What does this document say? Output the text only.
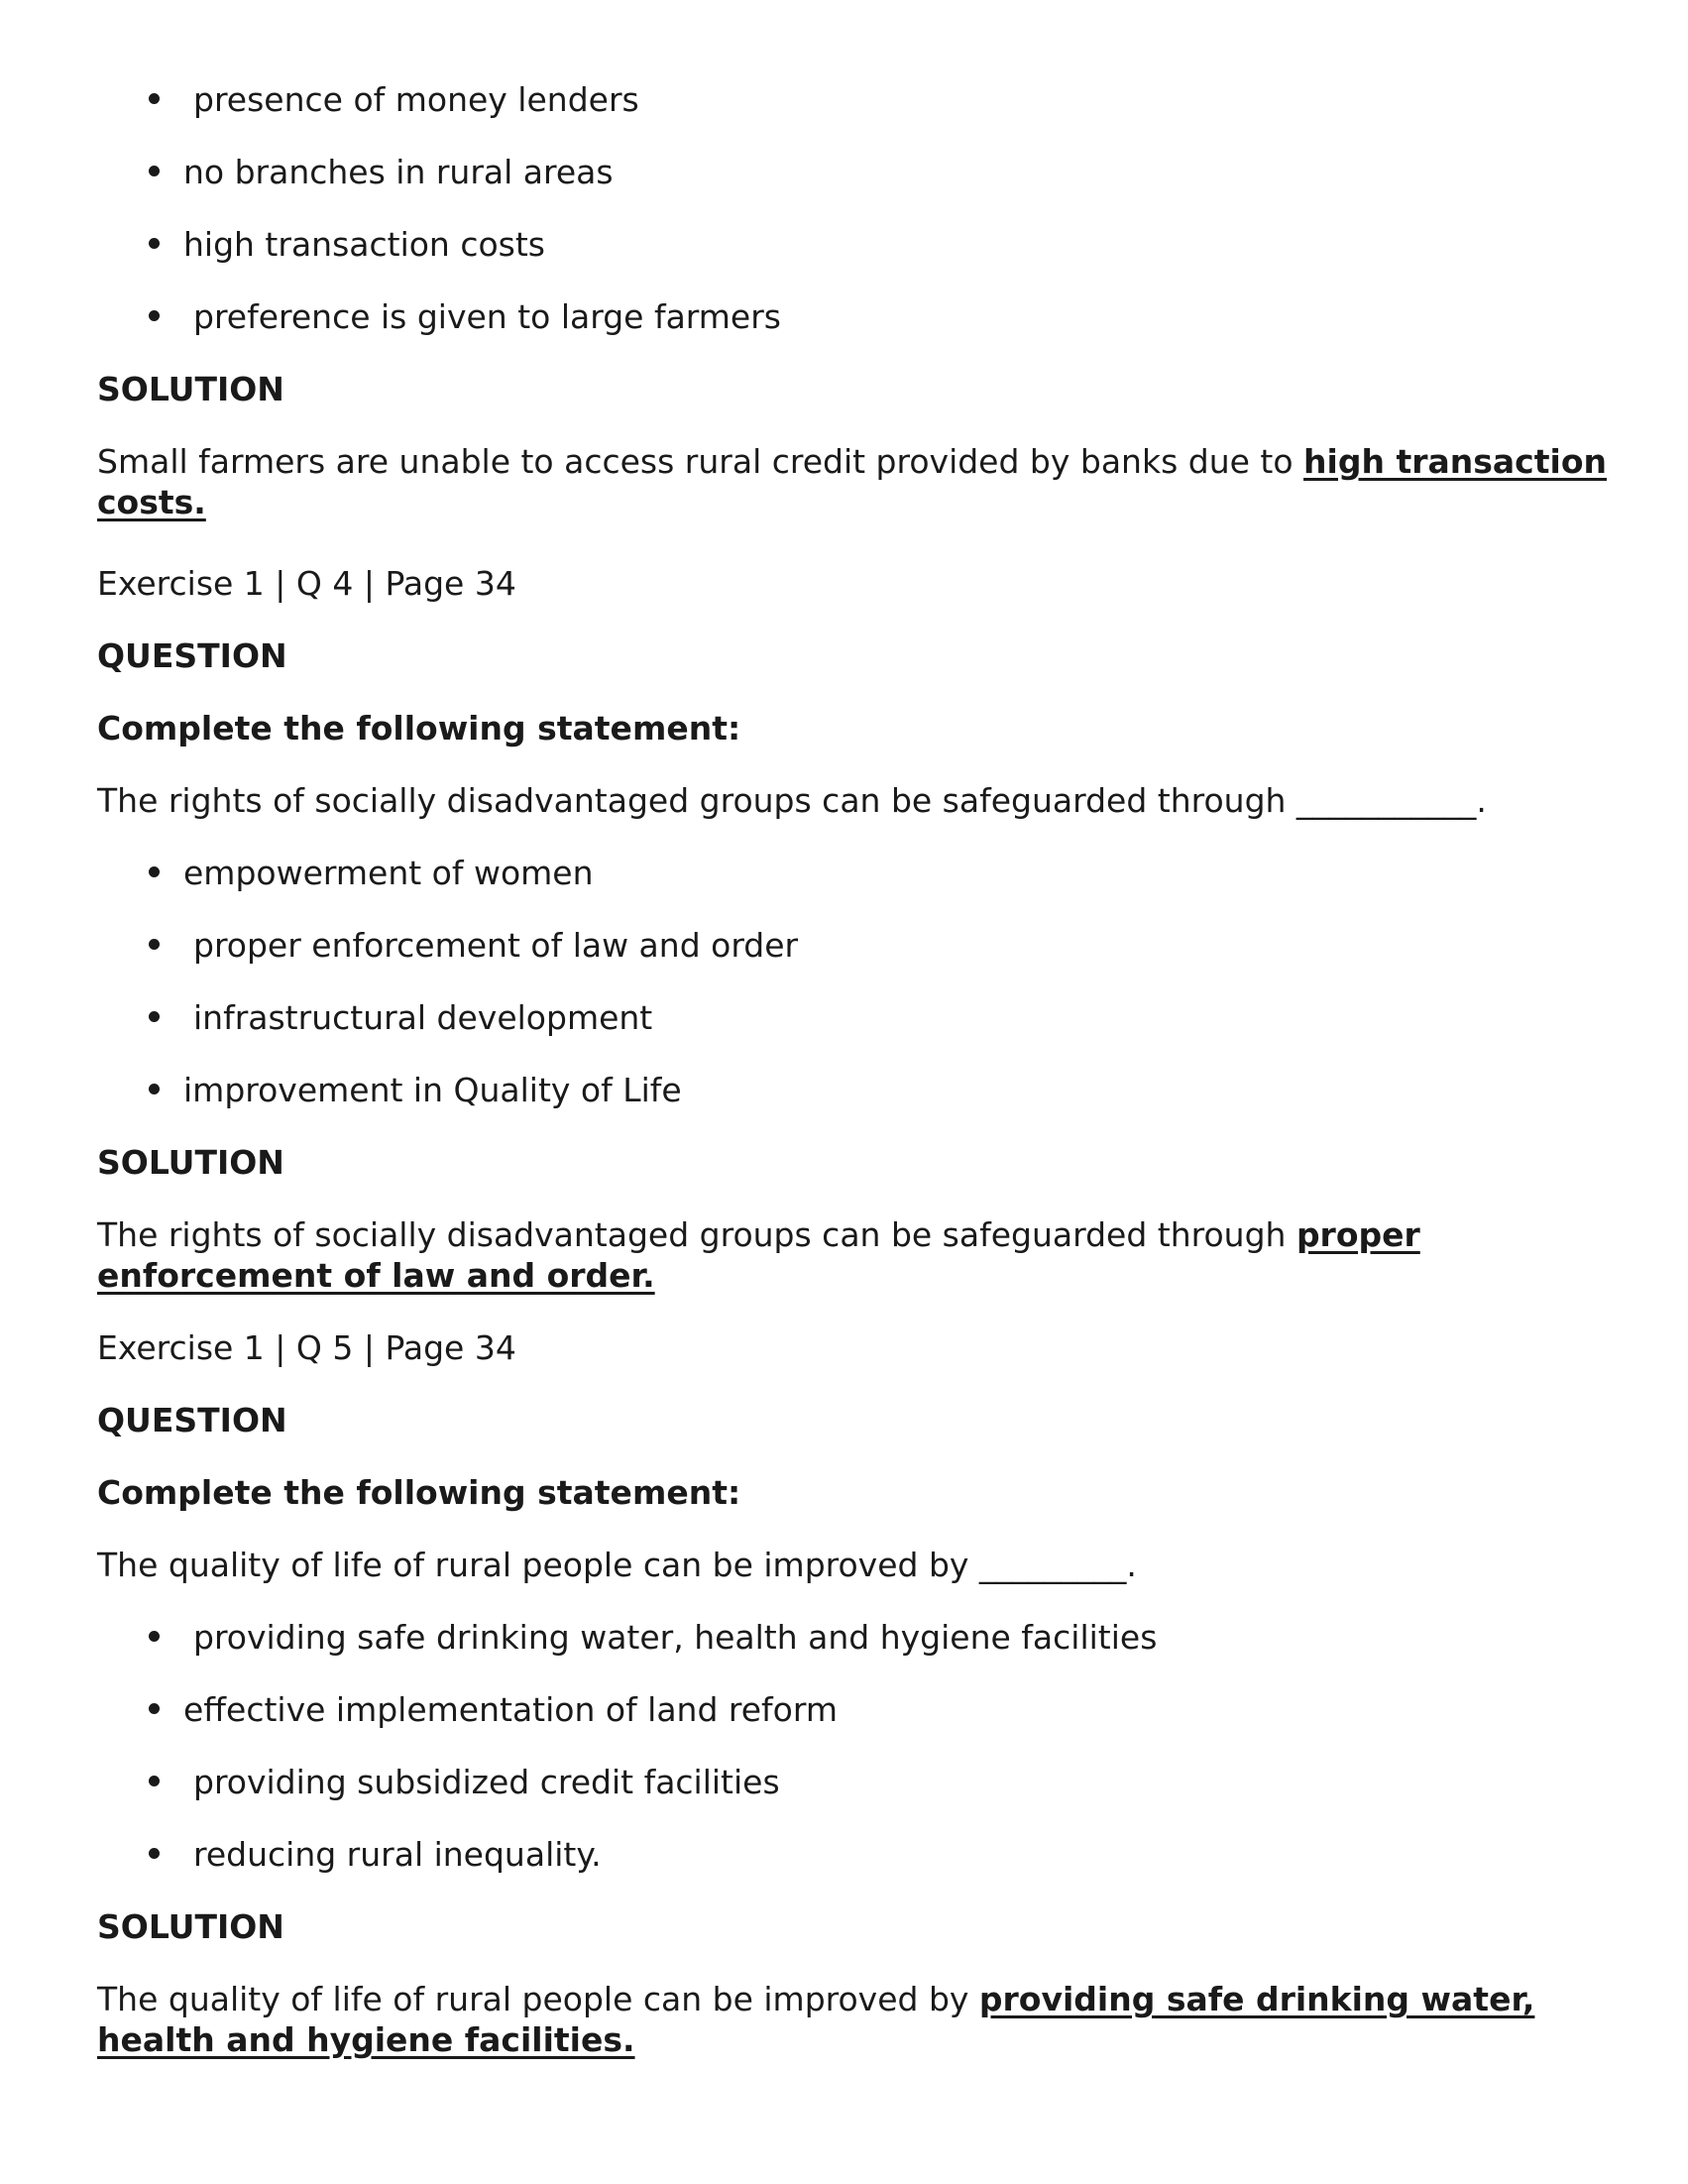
presence of money lenders
no branches in rural areas
high transaction costs
preference is given to large farmers
SOLUTION
Small farmers are unable to access rural credit provided by banks due to high transaction
costs.
Exercise 1 | Q 4 | Page 34
QUESTION
Complete the following statement:
The rights of socially disadvantaged groups can be safeguarded through ___________.
empowerment of women
proper enforcement of law and order
infrastructural development
improvement in Quality of Life
SOLUTION
The rights of socially disadvantaged groups can be safeguarded through proper
enforcement of law and order.
Exercise 1 | Q 5 | Page 34
QUESTION
Complete the following statement:
The quality of life of rural people can be improved by _________.
providing safe drinking water, health and hygiene facilities
effective implementation of land reform
providing subsidized credit facilities
reducing rural inequality.
SOLUTION
The quality of life of rural people can be improved by providing safe drinking water,
health and hygiene facilities.
